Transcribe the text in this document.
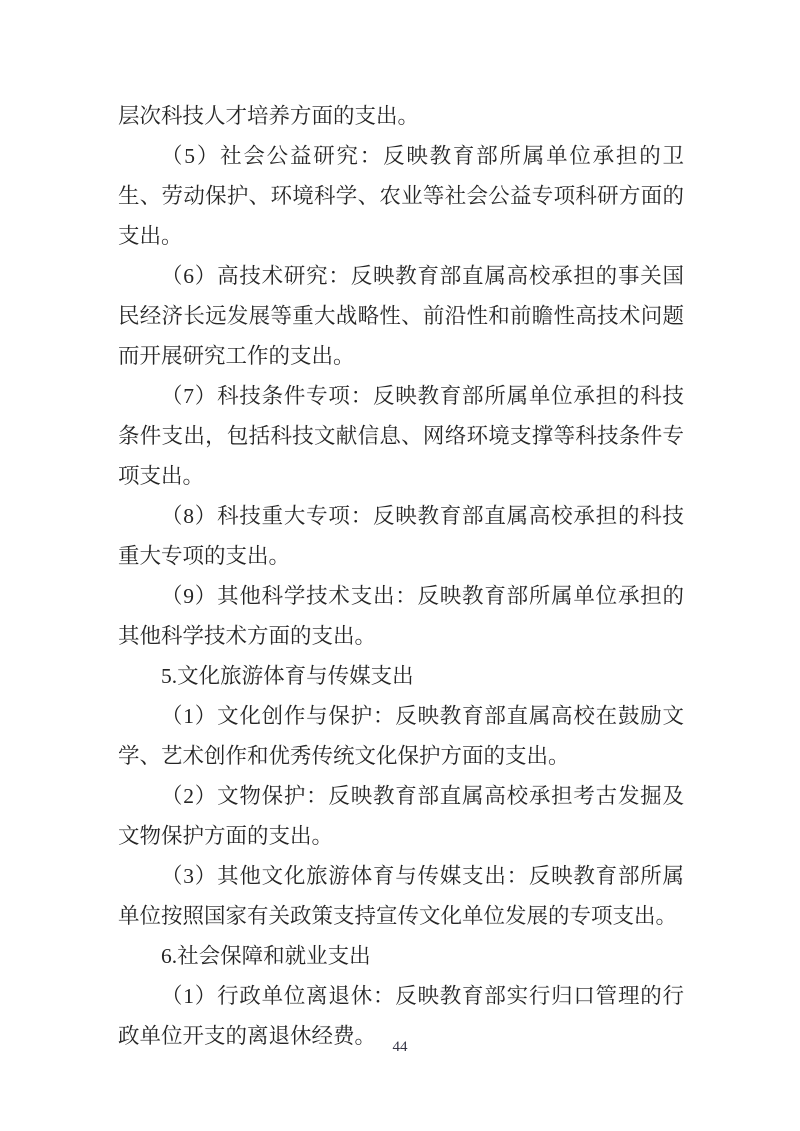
层次科技人才培养方面的支出。

（5）社会公益研究：反映教育部所属单位承担的卫生、劳动保护、环境科学、农业等社会公益专项科研方面的支出。

（6）高技术研究：反映教育部直属高校承担的事关国民经济长远发展等重大战略性、前沿性和前瞻性高技术问题而开展研究工作的支出。

（7）科技条件专项：反映教育部所属单位承担的科技条件支出，包括科技文献信息、网络环境支撑等科技条件专项支出。

（8）科技重大专项：反映教育部直属高校承担的科技重大专项的支出。

（9）其他科学技术支出：反映教育部所属单位承担的其他科学技术方面的支出。

5.文化旅游体育与传媒支出

（1）文化创作与保护：反映教育部直属高校在鼓励文学、艺术创作和优秀传统文化保护方面的支出。

（2）文物保护：反映教育部直属高校承担考古发掘及文物保护方面的支出。

（3）其他文化旅游体育与传媒支出：反映教育部所属单位按照国家有关政策支持宣传文化单位发展的专项支出。

6.社会保障和就业支出

（1）行政单位离退休：反映教育部实行归口管理的行政单位开支的离退休经费。	44
